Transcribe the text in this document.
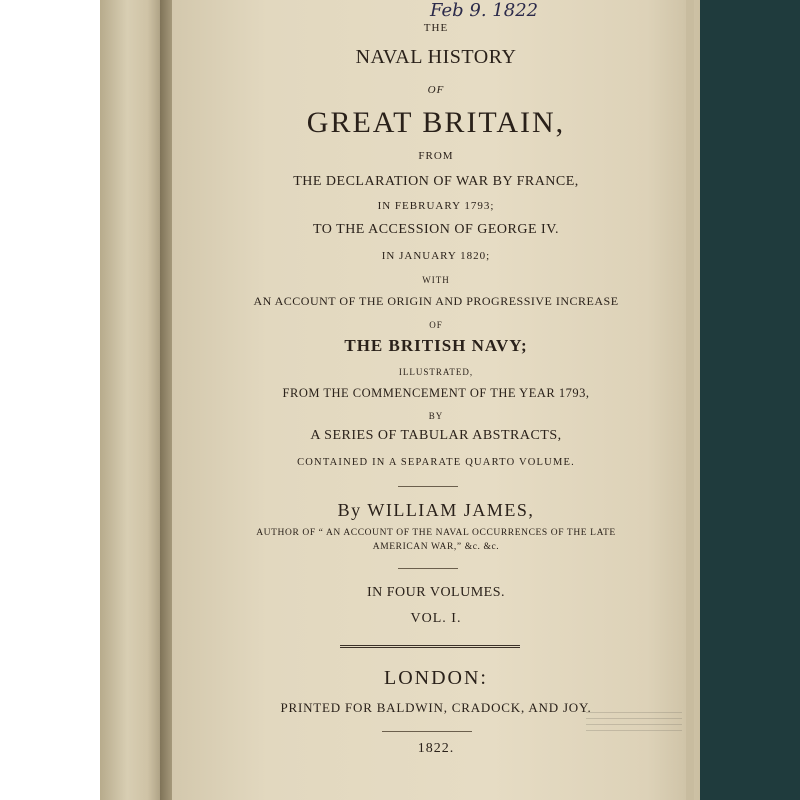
Feb 9. 1822
THE
NAVAL HISTORY
OF
GREAT BRITAIN,
FROM
THE DECLARATION OF WAR BY FRANCE,
IN FEBRUARY 1793;
TO THE ACCESSION OF GEORGE IV.
IN JANUARY 1820;
WITH
AN ACCOUNT OF THE ORIGIN AND PROGRESSIVE INCREASE
OF
THE BRITISH NAVY;
ILLUSTRATED,
FROM THE COMMENCEMENT OF THE YEAR 1793,
BY
A SERIES OF TABULAR ABSTRACTS,
CONTAINED IN A SEPARATE QUARTO VOLUME.
By WILLIAM JAMES,
AUTHOR OF “ AN ACCOUNT OF THE NAVAL OCCURRENCES OF THE LATE
AMERICAN WAR,” &c. &c.
IN FOUR VOLUMES.
VOL. I.
LONDON:
PRINTED FOR BALDWIN, CRADOCK, AND JOY.
1822.
